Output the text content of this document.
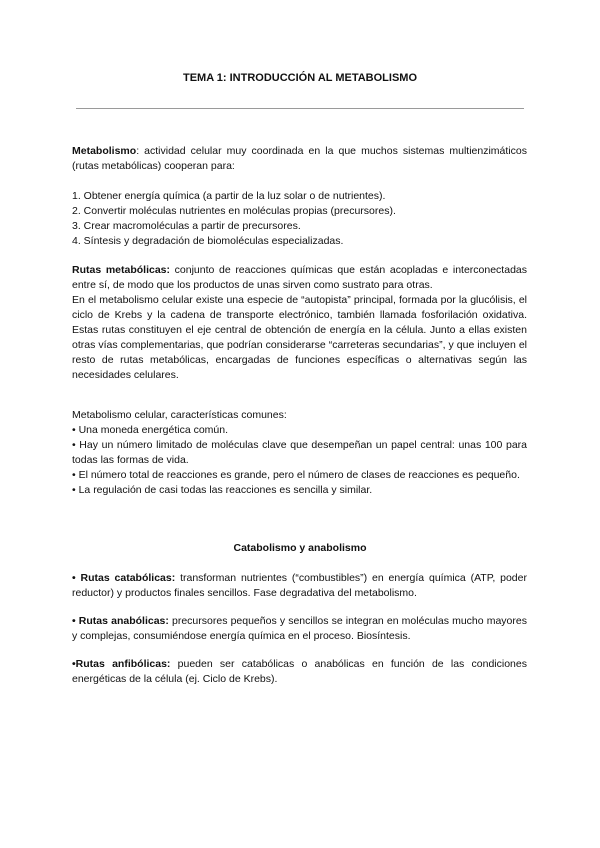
TEMA 1: INTRODUCCIÓN AL METABOLISMO
Metabolismo: actividad celular muy coordinada en la que muchos sistemas multienzimáticos (rutas metabólicas) cooperan para:

1. Obtener energía química (a partir de la luz solar o de nutrientes).

2. Convertir moléculas nutrientes en moléculas propias (precursores).

3. Crear macromoléculas a partir de precursores.

4. Síntesis y degradación de biomoléculas especializadas.

Rutas metabólicas: conjunto de reacciones químicas que están acopladas e interconectadas entre sí, de modo que los productos de unas sirven como sustrato para otras.

En el metabolismo celular existe una especie de “autopista” principal, formada por la glucólisis, el ciclo de Krebs y la cadena de transporte electrónico, también llamada fosforilación oxidativa. Estas rutas constituyen el eje central de obtención de energía en la célula. Junto a ellas existen otras vías complementarias, que podrían considerarse “carreteras secundarias”, y que incluyen el resto de rutas metabólicas, encargadas de funciones específicas o alternativas según las necesidades celulares.

Metabolismo celular, características comunes:

• Una moneda energética común.

• Hay un número limitado de moléculas clave que desempeñan un papel central: unas 100 para todas las formas de vida.

• El número total de reacciones es grande, pero el número de clases de reacciones es pequeño.

• La regulación de casi todas las reacciones es sencilla y similar.

Catabolismo y anabolismo
• Rutas catabólicas: transforman nutrientes (“combustibles”) en energía química (ATP, poder reductor) y productos finales sencillos. Fase degradativa del metabolismo.
• Rutas anabólicas: precursores pequeños y sencillos se integran en moléculas mucho mayores y complejas, consumiéndose energía química en el proceso. Biosíntesis.
•Rutas anfibólicas: pueden ser catabólicas o anabólicas en función de las condiciones energéticas de la célula (ej. Ciclo de Krebs).
